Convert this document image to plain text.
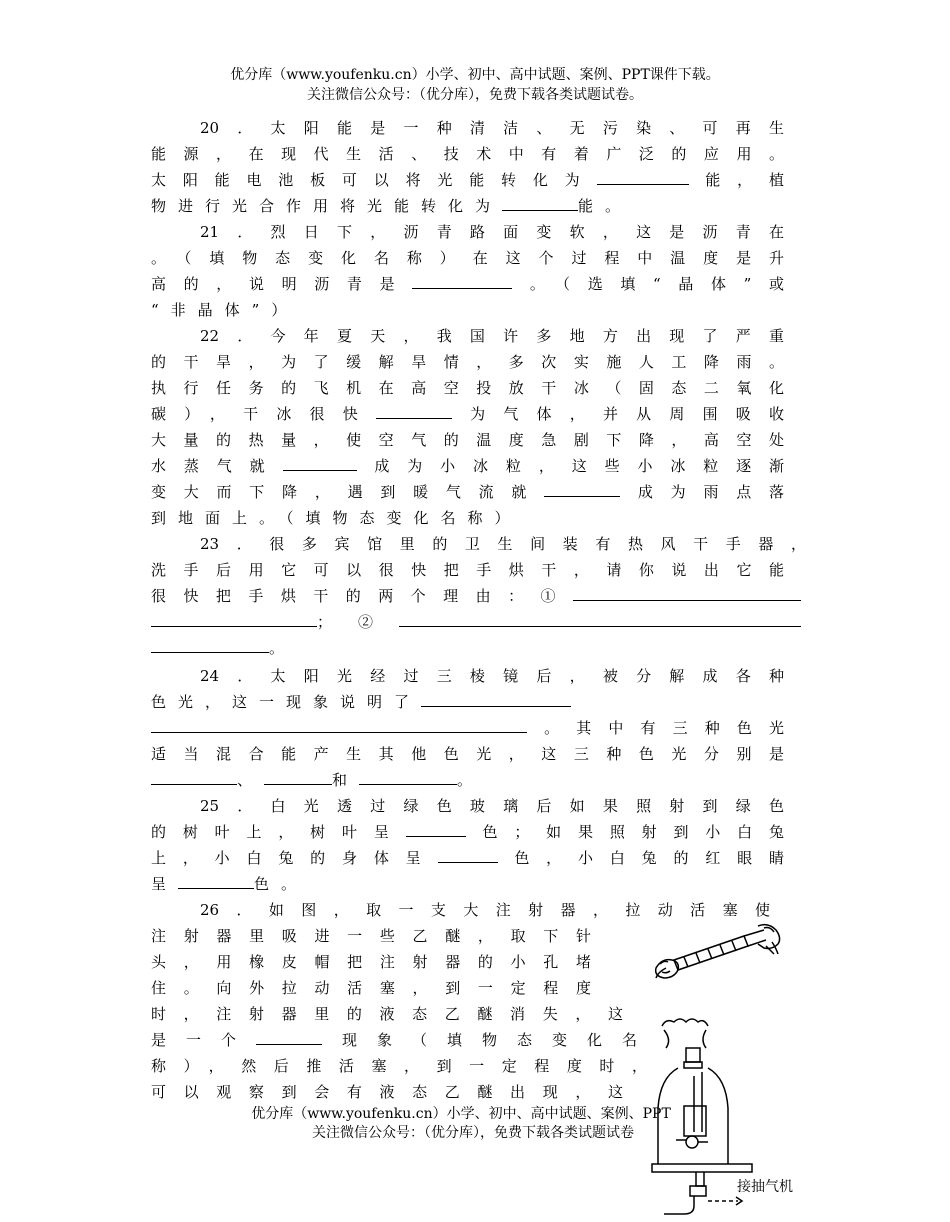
优分库（www.youfenku.cn）小学、初中、高中试题、案例、PPT课件下载。
关注微信公众号：（优分库），免费下载各类试题试卷。
20．太阳能是一种清洁、无污染、可再生
能源，在现代生活、技术中有着广泛的应用。
太阳能电池板可以将光能转化为	能，植
物进行光合作用将光能转化为	能。
21．烈日下，沥青路面变软，这是沥青在
。（填物态变化名称）在这个过程中温度是升
高的，说明沥青是	。（选填“晶体”或
“非晶体”）
22．今年夏天，我国许多地方出现了严重
的干旱，为了缓解旱情，多次实施人工降雨。
执行任务的飞机在高空投放干冰（固态二氧化
碳），干冰很快	为气体，并从周围吸收
大量的热量，使空气的温度急剧下降，高空处
水蒸气就	成为小冰粒，这些小冰粒逐渐
变大而下降，遇到暖气流就	成为雨点落
到地面上。（填物态变化名称）
23．很多宾馆里的卫生间装有热风干手器，
洗手后用它可以很快把手烘干，请你说出它能
很快把手烘干的两个理由：①
；②
。
24．太阳光经过三棱镜后，被分解成各种
色光，这一现象说明了
。其中有三种色光
适当混合能产生其他色光，这三种色光分别是
、	和	。
25．白光透过绿色玻璃后如果照射到绿色
的树叶上，树叶呈	色；如果照射到小白兔
上，小白兔的身体呈	色，小白兔的红眼睛
呈	色。
26．如图，取一支大注射器，拉动活塞使
注射器里吸进一些乙醚，取下针
头，用橡皮帽把注射器的小孔堵
住。向外拉动活塞，到一定程度
时，注射器里的液态乙醚消失，这
是一个	现象（填物态变化名
称），然后推活塞，到一定程度时，
可以观察到会有液态乙醚出现，这
优分库（www.youfenku.cn）小学、初中、高中试题、案例、PPT
关注微信公众号：（优分库），免费下载各类试题试卷
接抽气机
